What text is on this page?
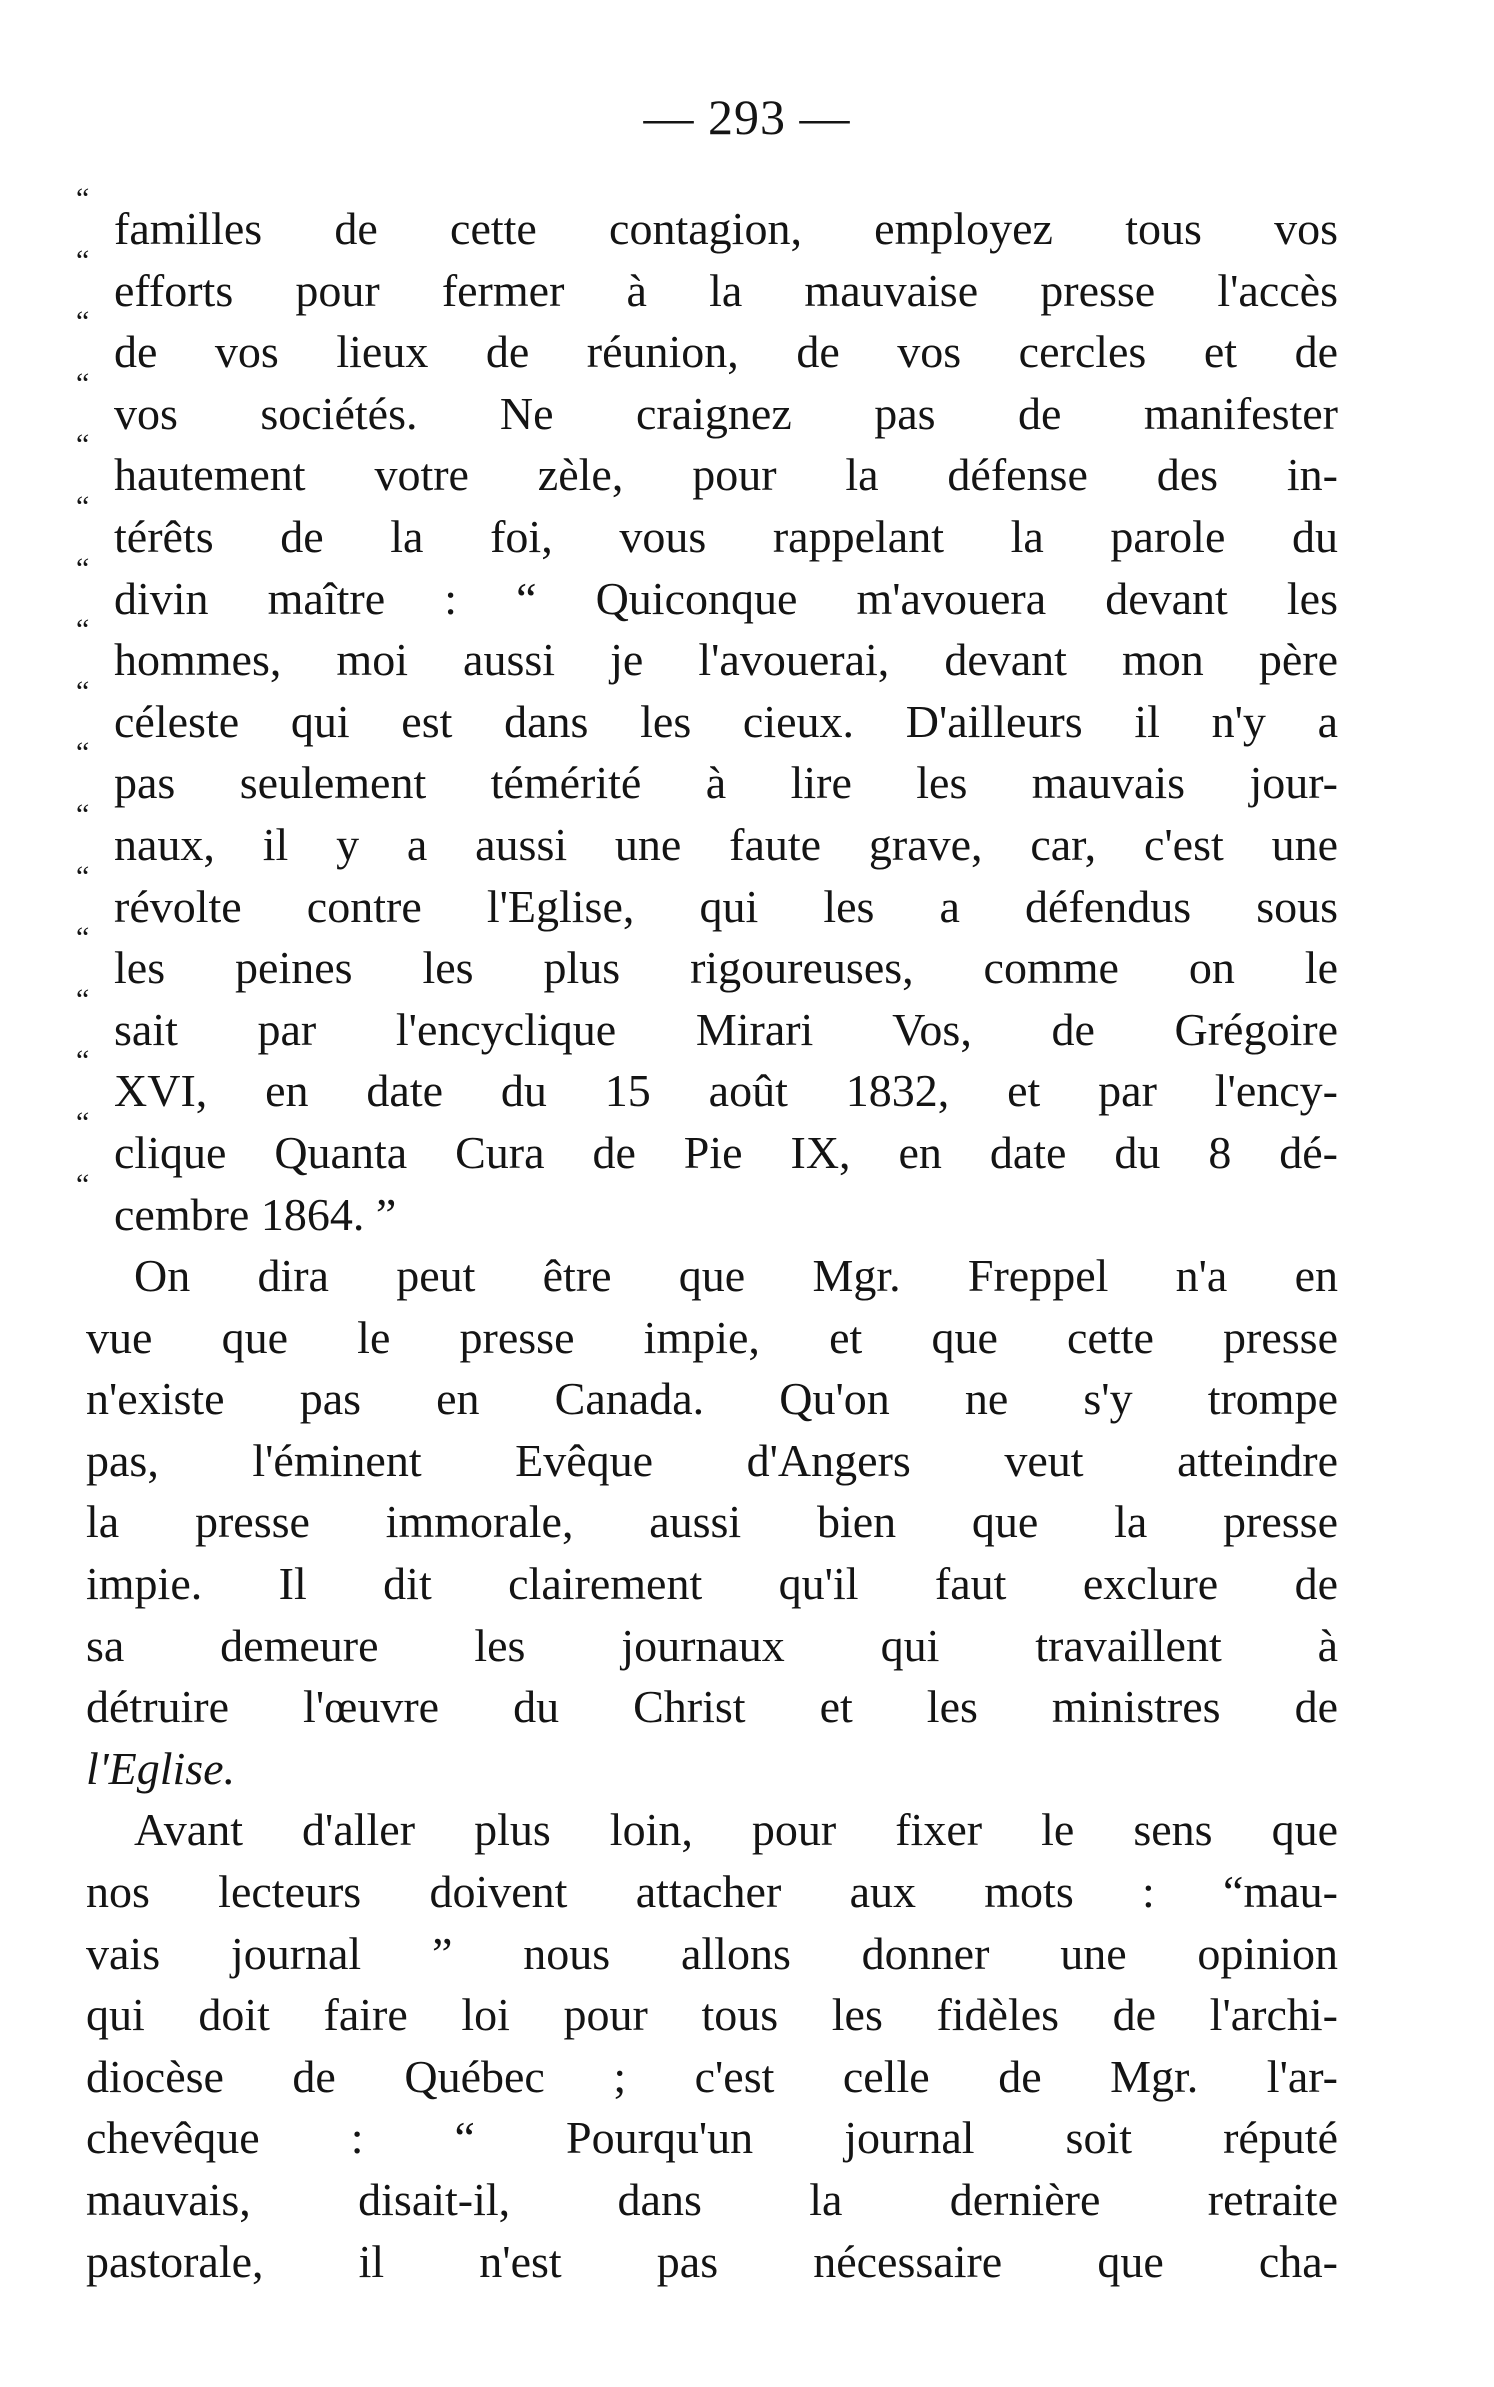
— 293 —
“
familles de cette contagion, employez tous vos
“
efforts pour fermer à la mauvaise presse l'accès
“
de vos lieux de réunion, de vos cercles et de
“
vos sociétés. Ne craignez pas de manifester
“
hautement votre zèle, pour la défense des in-
“
térêts de la foi, vous rappelant la parole du
“
divin maître : “ Quiconque m'avouera devant les
“
hommes, moi aussi je l'avouerai, devant mon père
“
céleste qui est dans les cieux. D'ailleurs il n'y a
“
pas seulement témérité à lire les mauvais jour-
“
naux, il y a aussi une faute grave, car, c'est une
“
révolte contre l'Eglise, qui les a défendus sous
“
les peines les plus rigoureuses, comme on le
“
sait par l'encyclique Mirari Vos, de Grégoire
“
XVI, en date du 15 août 1832, et par l'ency-
“
clique Quanta Cura de Pie IX, en date du 8 dé-
“
cembre 1864. ”
On dira peut être que Mgr. Freppel n'a en
vue que le presse impie, et que cette presse
n'existe pas en Canada. Qu'on ne s'y trompe
pas, l'éminent Evêque d'Angers veut atteindre
la presse immorale, aussi bien que la presse
impie. Il dit clairement qu'il faut exclure de
sa demeure les journaux qui travaillent à
détruire l'œuvre du Christ et les ministres de
l'Eglise.
Avant d'aller plus loin, pour fixer le sens que
nos lecteurs doivent attacher aux mots : “mau-
vais journal ” nous allons donner une opinion
qui doit faire loi pour tous les fidèles de l'archi-
diocèse de Québec ; c'est celle de Mgr. l'ar-
chevêque : “ Pourqu'un journal soit réputé
mauvais, disait-il, dans la dernière retraite
pastorale, il n'est pas nécessaire que cha-
